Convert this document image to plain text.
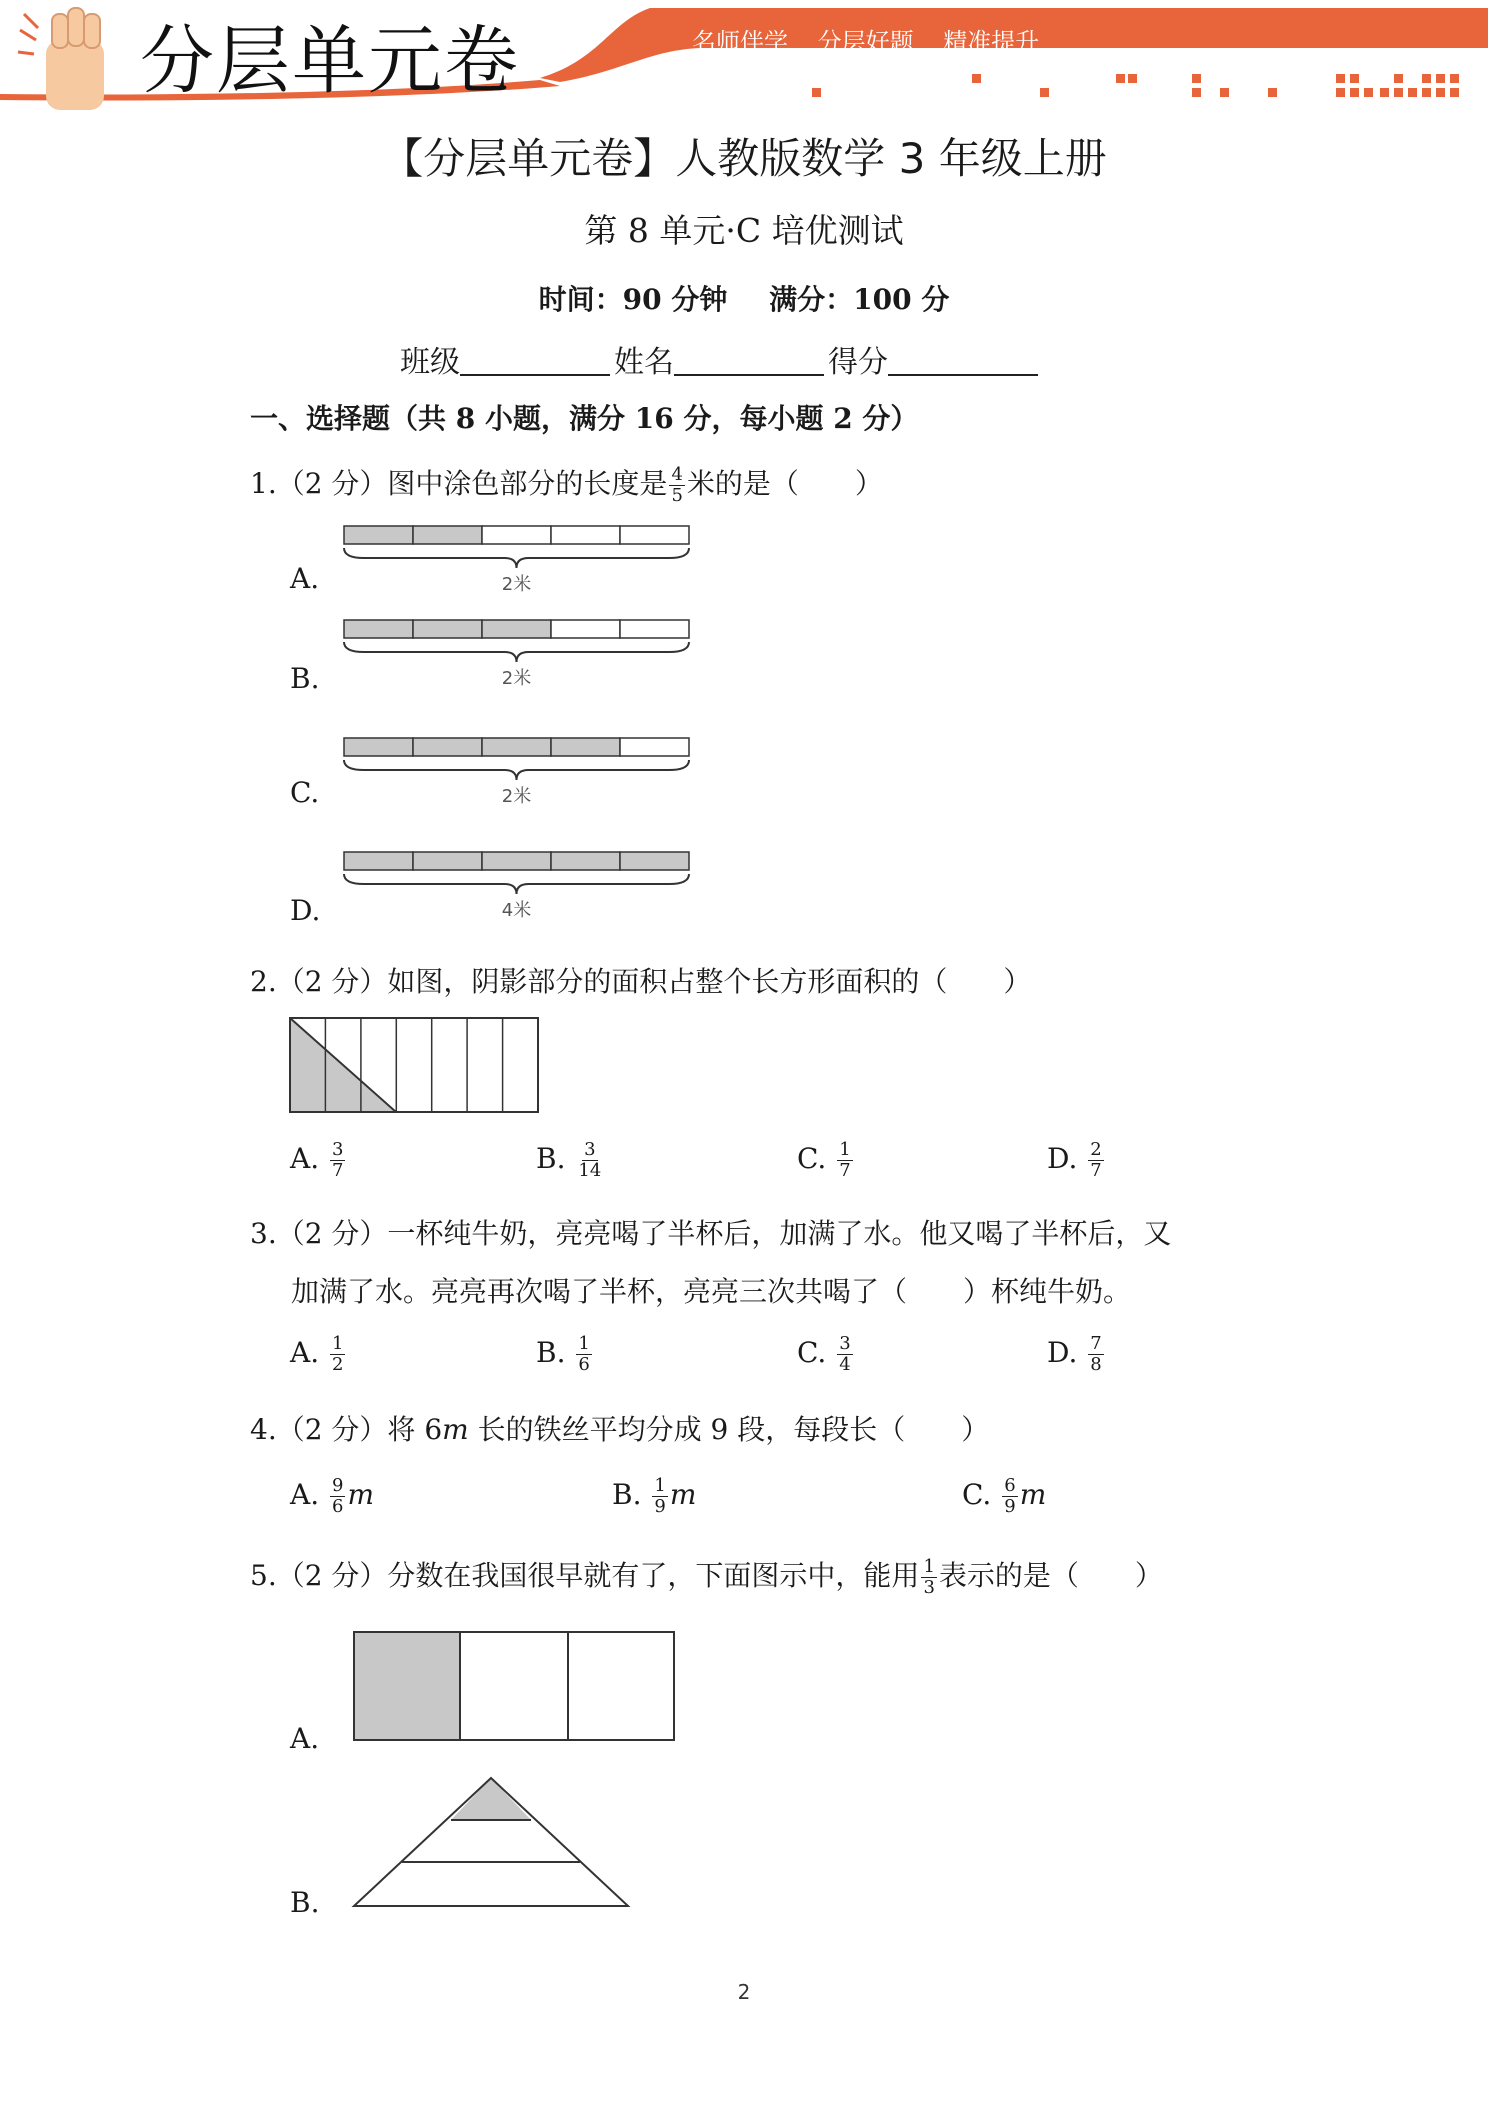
分层单元卷	名师伴学 分层好题 精准提升
【分层单元卷】人教版数学 3 年级上册
第 8 单元·C 培优测试
时间：90 分钟 满分：100 分
班级	姓名	得分
一、选择题（共 8 小题，满分 16 分，每小题 2 分）
1.（2 分）图中涂色部分的长度是 $\frac{4}{5}$ 米的是（　　）
A.
B.
C.
D.
2米
2米
2米
4米
2.（2 分）如图，阴影部分的面积占整个长方形面积的（　　）
A. $\frac{3}{7}$	B. $\frac{3}{14}$	C. $\frac{1}{7}$	D. $\frac{2}{7}$
3.（2 分）一杯纯牛奶，亮亮喝了半杯后，加满了水。他又喝了半杯后，又
加满了水。亮亮再次喝了半杯，亮亮三次共喝了（　　）杯纯牛奶。
A. $\frac{1}{2}$	B. $\frac{1}{6}$	C. $\frac{3}{4}$	D. $\frac{7}{8}$
4.（2 分）将 6m 长的铁丝平均分成 9 段，每段长（　　）
A. $\frac{9}{6}$ m	B. $\frac{1}{9}$ m	C. $\frac{6}{9}$ m
5.（2 分）分数在我国很早就有了，下面图示中，能用 $\frac{1}{3}$ 表示的是（　　）
A.
B.
2
